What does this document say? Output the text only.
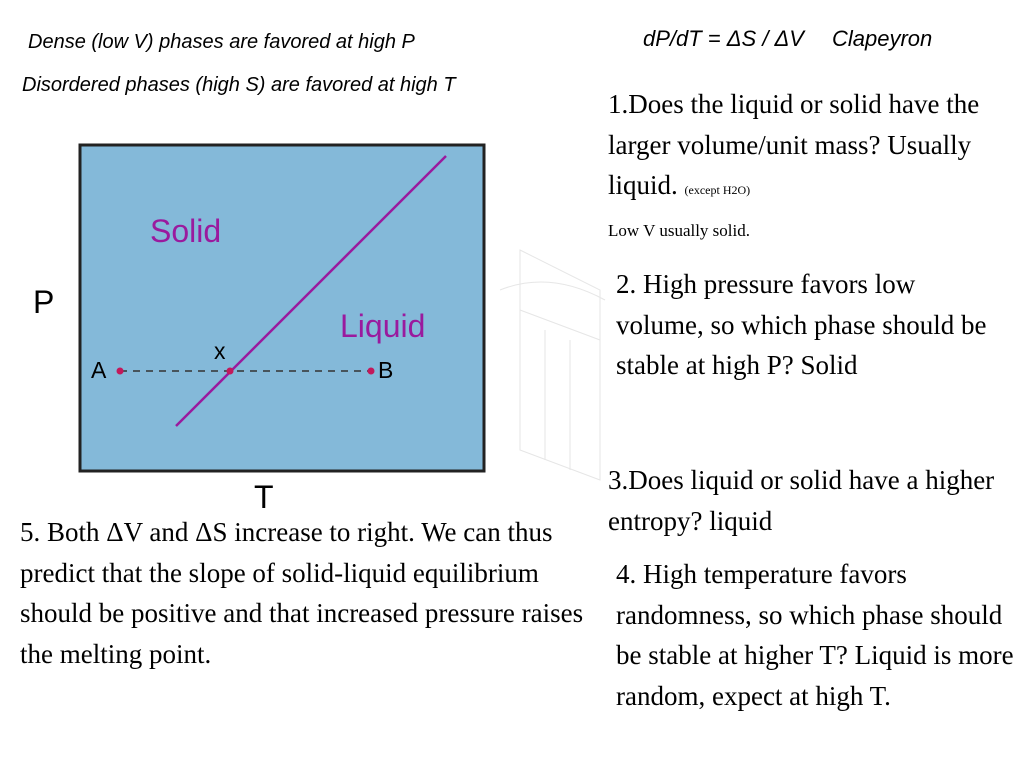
Dense (low V) phases are favored at high P
Disordered phases (high S) are favored at high T
dP/dT = ΔS / ΔV Clapeyron
Solid
Liquid
A
x
B
P
T
1.Does the liquid or solid have the larger volume/unit mass? Usually liquid. (except H2O)
Low V usually solid.
2. High pressure favors low volume, so which phase should be stable at high P? Solid
3.Does liquid or solid have a higher entropy? liquid
4. High temperature favors randomness, so which phase should be stable at higher T? Liquid is more random, expect at high T.
5. Both ΔV and ΔS increase to right. We can thus predict that the slope of solid-liquid equilibrium should be positive and that increased pressure raises the melting point.
